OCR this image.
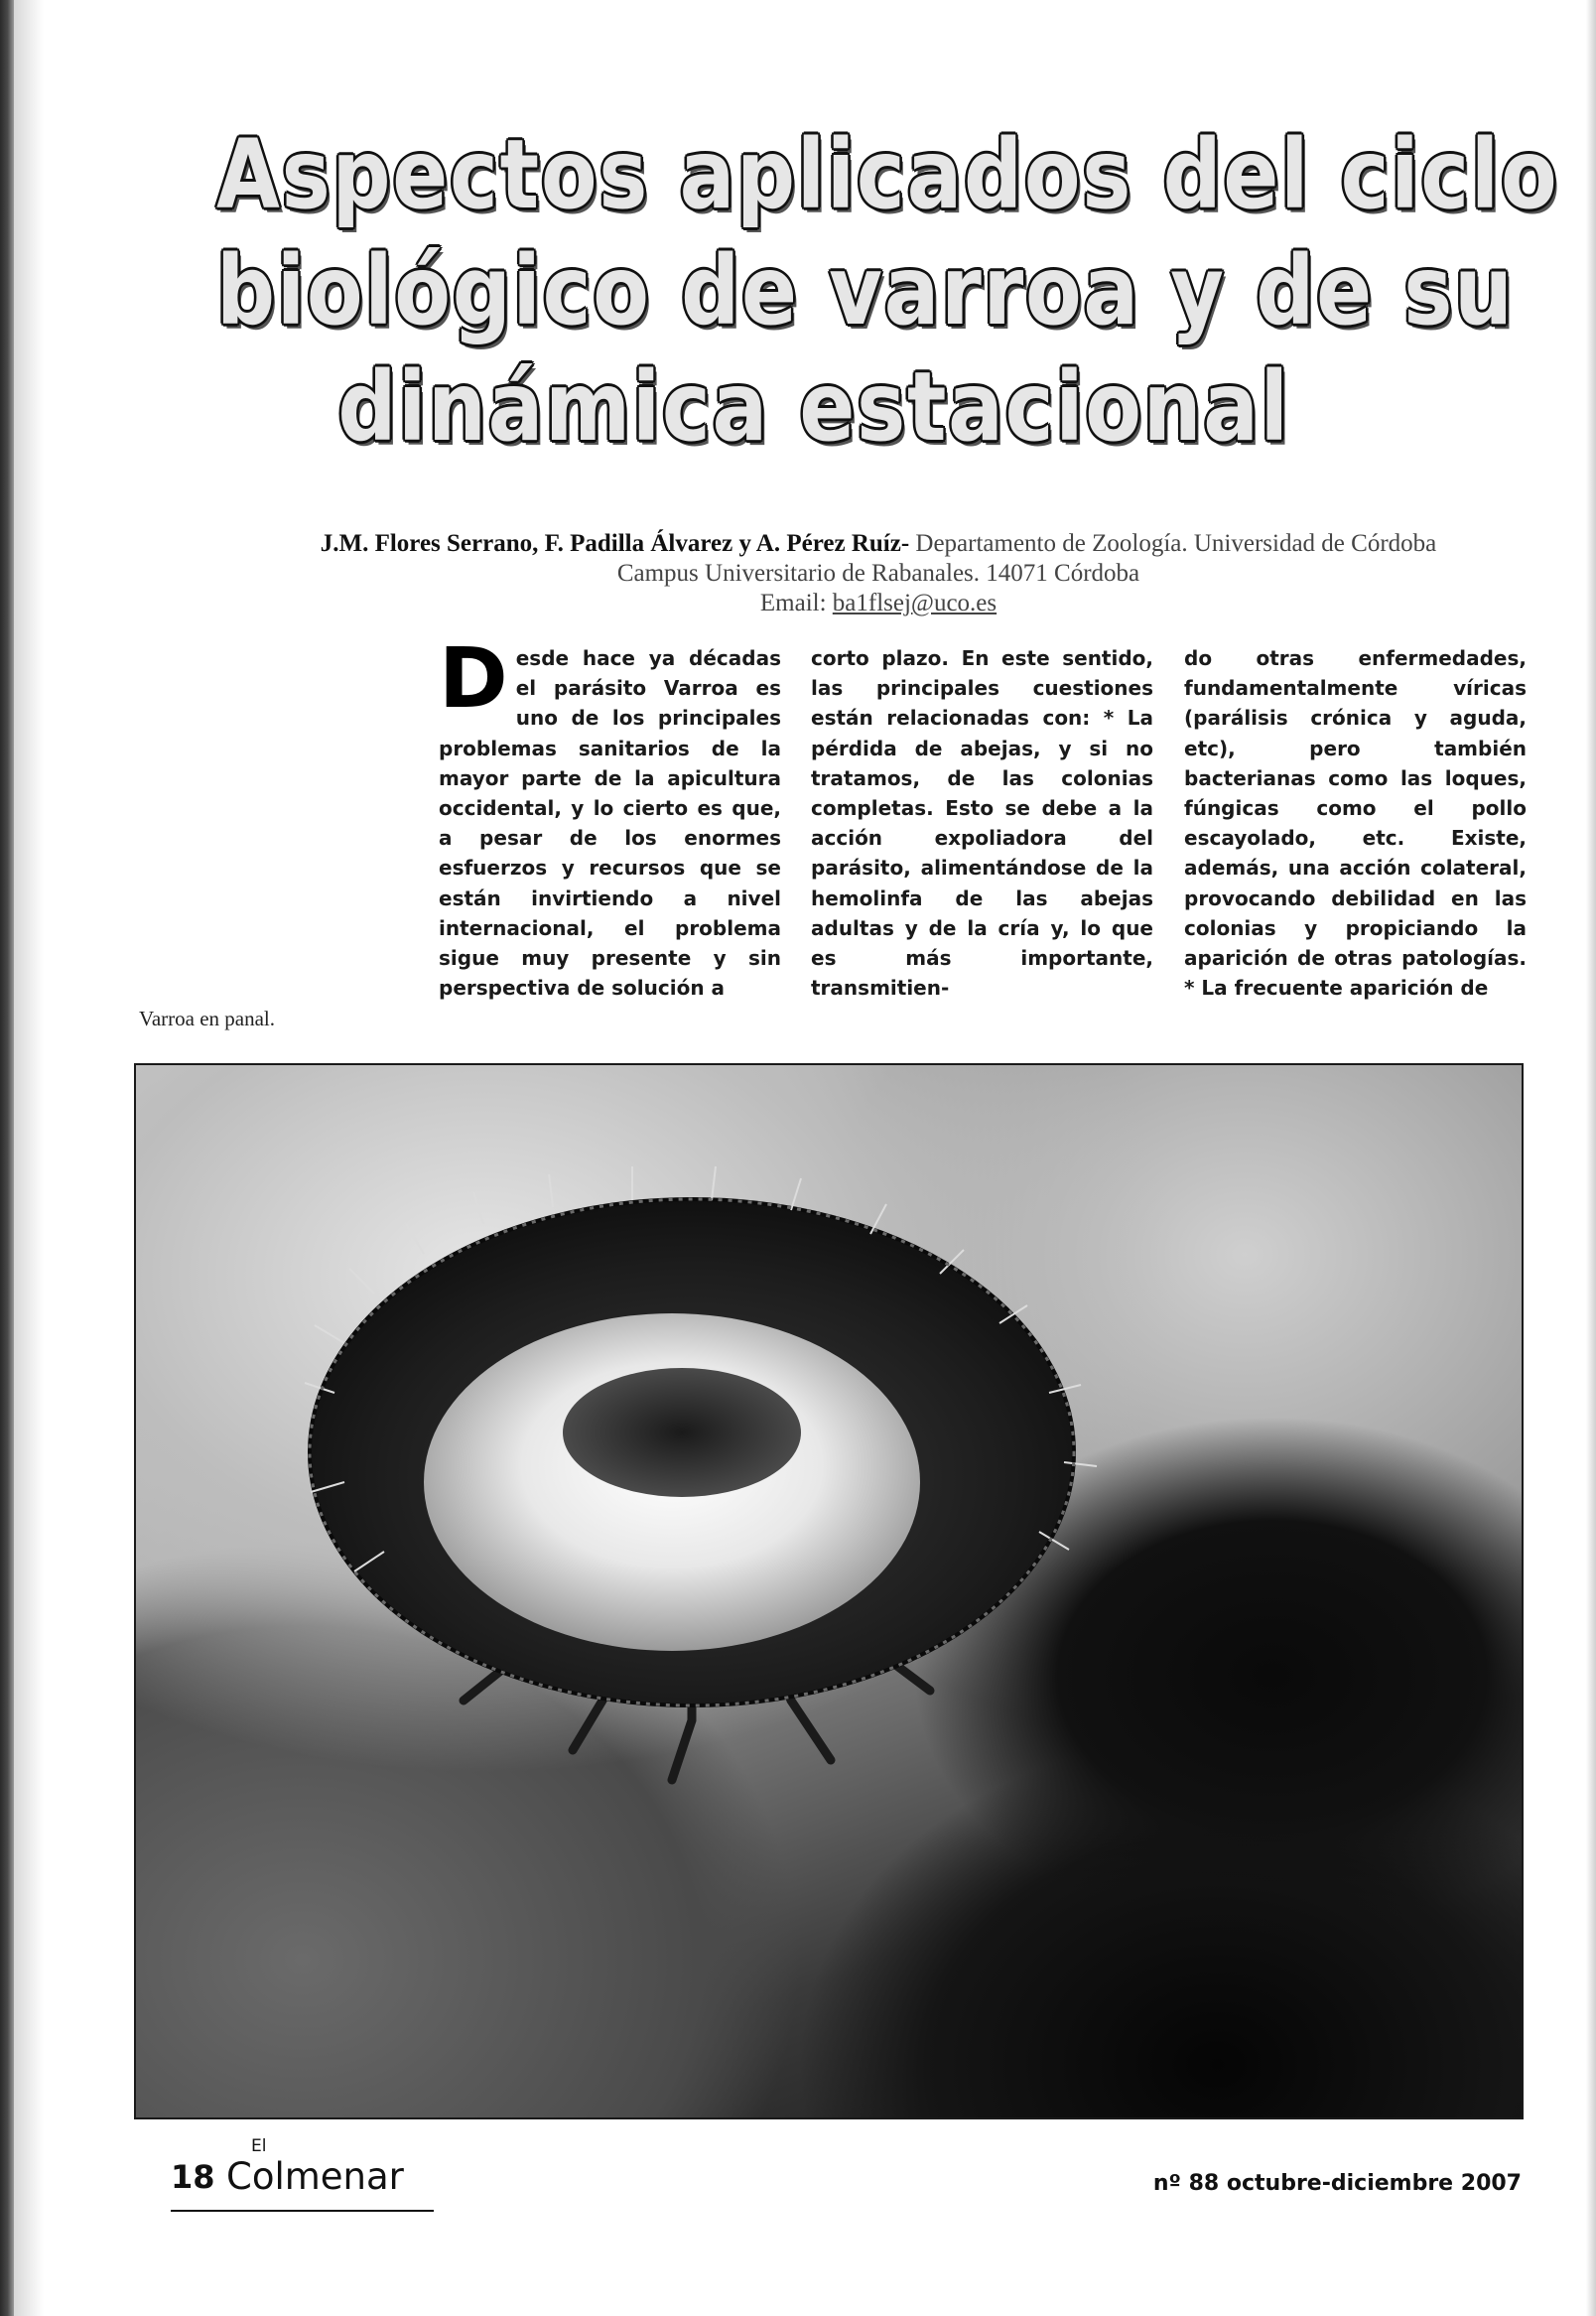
Aspectos aplicados del ciclo
biológico de varroa y de su
dinámica estacional
J.M. Flores Serrano, F. Padilla Álvarez y A. Pérez Ruíz- Departamento de Zoología. Universidad de Córdoba
Campus Universitario de Rabanales. 14071 Córdoba
Email: ba1flsej@uco.es

Desde hace ya décadas el parásito Varroa es uno de los principales problemas sanitarios de la mayor parte de la apicultura occidental, y lo cierto es que, a pesar de los enormes esfuerzos y recursos que se están invirtiendo a nivel internacional, el problema sigue muy presente y sin perspectiva de solución a

corto plazo. En este sentido, las principales cuestiones están relacionadas con: * La pérdida de abejas, y si no tratamos, de las colonias completas. Esto se debe a la acción expoliadora del parásito, alimentándose de la hemolinfa de las abejas adultas y de la cría y, lo que es más importante, transmitien-

do otras enfermedades, fundamentalmente víricas (parálisis crónica y aguda, etc), pero también bacterianas como las loques, fúngicas como el pollo escayolado, etc. Existe, además, una acción colateral, provocando debilidad en las colonias y propiciando la aparición de otras patologías. * La frecuente aparición de

Varroa en panal.
18
El
Colmenar	nº 88 octubre-diciembre 2007
